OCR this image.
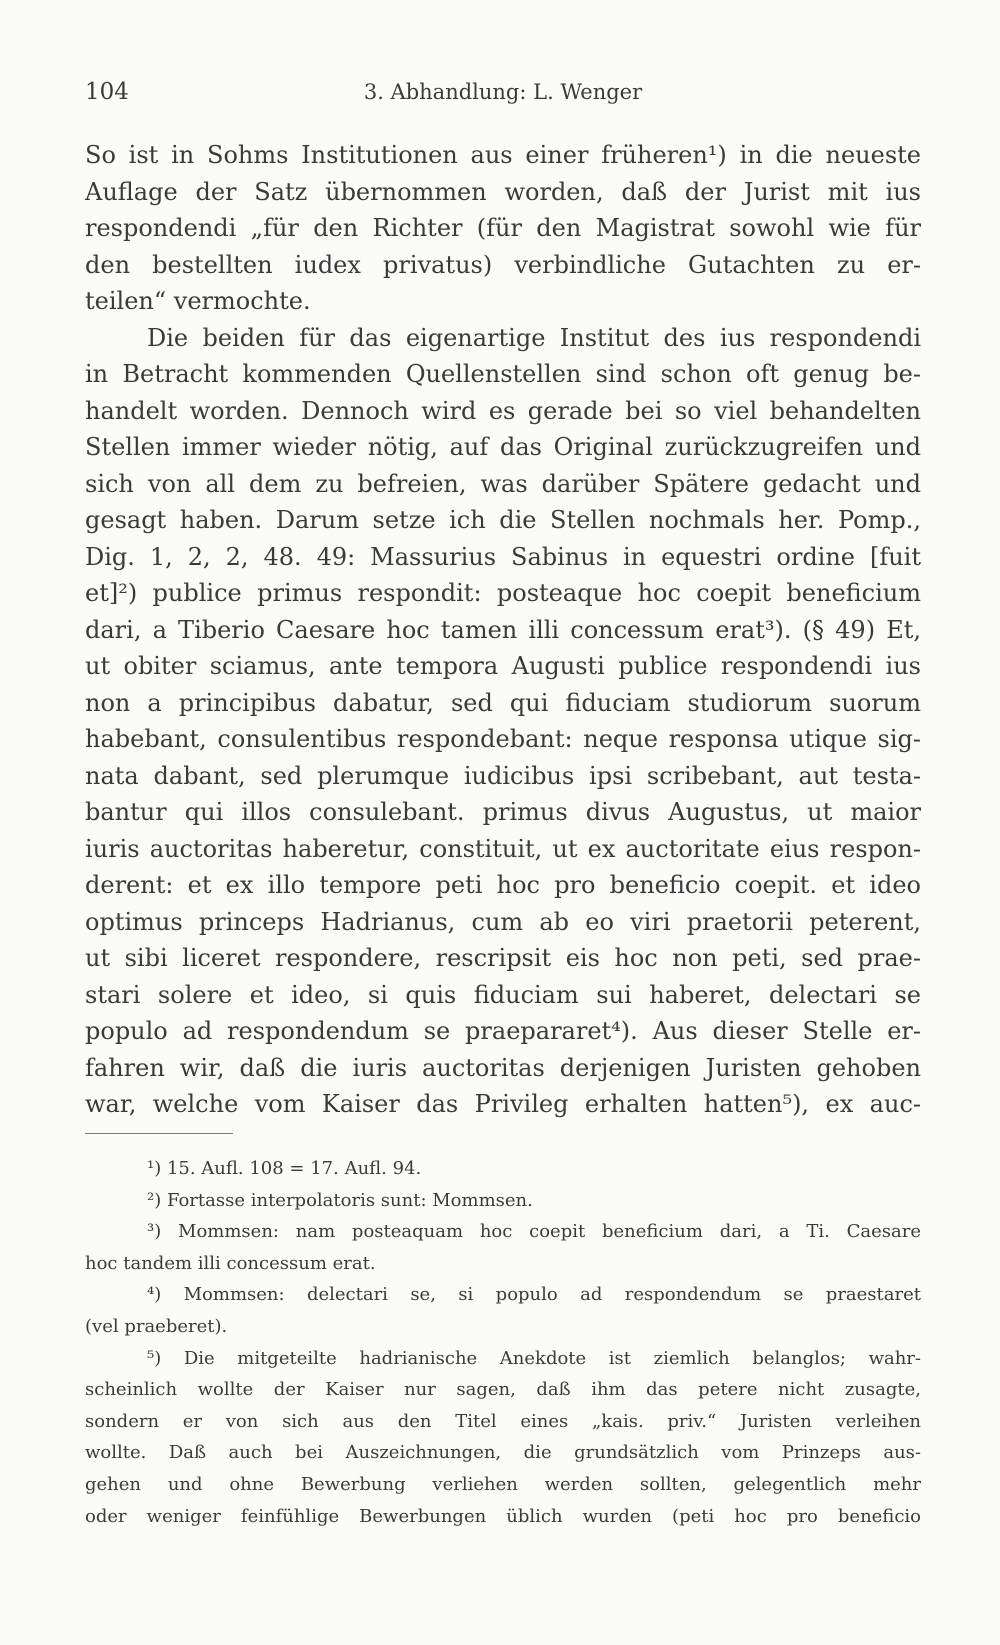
104	3. Abhandlung: L. Wenger
So ist in Sohms Institutionen aus einer früheren¹) in die neueste
Auflage der Satz übernommen worden, daß der Jurist mit ius
respondendi „für den Richter (für den Magistrat sowohl wie für
den bestellten iudex privatus) verbindliche Gutachten zu er-
teilen“ vermochte.
Die beiden für das eigenartige Institut des ius respondendi
in Betracht kommenden Quellenstellen sind schon oft genug be-
handelt worden. Dennoch wird es gerade bei so viel behandelten
Stellen immer wieder nötig, auf das Original zurückzugreifen und
sich von all dem zu befreien, was darüber Spätere gedacht und
gesagt haben. Darum setze ich die Stellen nochmals her. Pomp.,
Dig. 1, 2, 2, 48. 49: Massurius Sabinus in equestri ordine [fuit
et]²) publice primus respondit: posteaque hoc coepit beneficium
dari, a Tiberio Caesare hoc tamen illi concessum erat³). (§ 49) Et,
ut obiter sciamus, ante tempora Augusti publice respondendi ius
non a principibus dabatur, sed qui fiduciam studiorum suorum
habebant, consulentibus respondebant: neque responsa utique sig-
nata dabant, sed plerumque iudicibus ipsi scribebant, aut testa-
bantur qui illos consulebant. primus divus Augustus, ut maior
iuris auctoritas haberetur, constituit, ut ex auctoritate eius respon-
derent: et ex illo tempore peti hoc pro beneficio coepit. et ideo
optimus princeps Hadrianus, cum ab eo viri praetorii peterent,
ut sibi liceret respondere, rescripsit eis hoc non peti, sed prae-
stari solere et ideo, si quis fiduciam sui haberet, delectari se
populo ad respondendum se praepararet⁴). Aus dieser Stelle er-
fahren wir, daß die iuris auctoritas derjenigen Juristen gehoben
war, welche vom Kaiser das Privileg erhalten hatten⁵), ex auc-
¹) 15. Aufl. 108 = 17. Aufl. 94.
²) Fortasse interpolatoris sunt: Mommsen.
³) Mommsen: nam posteaquam hoc coepit beneficium dari, a Ti. Caesare
hoc tandem illi concessum erat.
⁴) Mommsen: delectari se, si populo ad respondendum se praestaret
(vel praeberet).
⁵) Die mitgeteilte hadrianische Anekdote ist ziemlich belanglos; wahr-
scheinlich wollte der Kaiser nur sagen, daß ihm das petere nicht zusagte,
sondern er von sich aus den Titel eines „kais. priv.“ Juristen verleihen
wollte. Daß auch bei Auszeichnungen, die grundsätzlich vom Prinzeps aus-
gehen und ohne Bewerbung verliehen werden sollten, gelegentlich mehr
oder weniger feinfühlige Bewerbungen üblich wurden (peti hoc pro beneficio
